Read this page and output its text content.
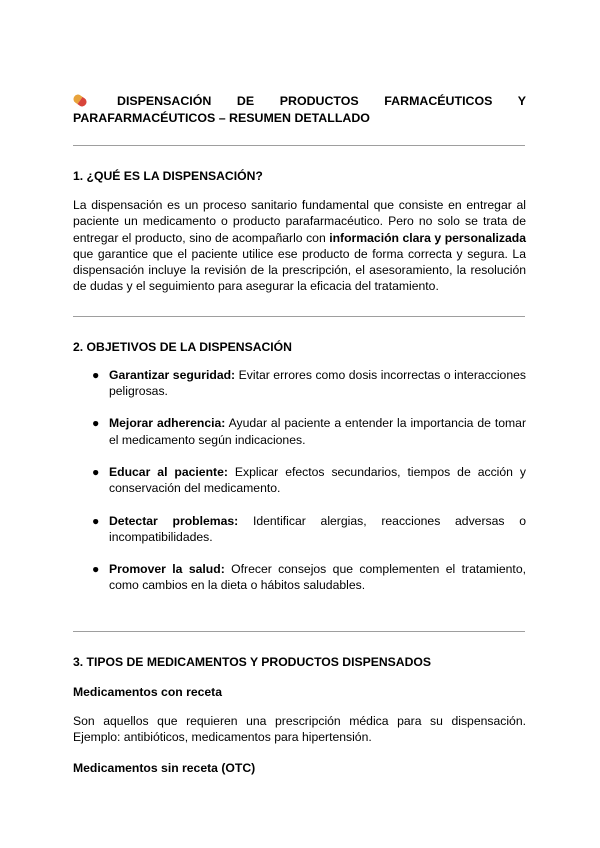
DISPENSACIÓN DE PRODUCTOS FARMACÉUTICOS Y PARAFARMACÉUTICOS – RESUMEN DETALLADO

1. ¿QUÉ ES LA DISPENSACIÓN?

La dispensación es un proceso sanitario fundamental que consiste en entregar al paciente un medicamento o producto parafarmacéutico. Pero no solo se trata de entregar el producto, sino de acompañarlo con información clara y personalizada que garantice que el paciente utilice ese producto de forma correcta y segura. La dispensación incluye la revisión de la prescripción, el asesoramiento, la resolución de dudas y el seguimiento para asegurar la eficacia del tratamiento.

2. OBJETIVOS DE LA DISPENSACIÓN
● Garantizar seguridad: Evitar errores como dosis incorrectas o interacciones peligrosas.
● Mejorar adherencia: Ayudar al paciente a entender la importancia de tomar el medicamento según indicaciones.
● Educar al paciente: Explicar efectos secundarios, tiempos de acción y conservación del medicamento.
● Detectar problemas: Identificar alergias, reacciones adversas o incompatibilidades.
● Promover la salud: Ofrecer consejos que complementen el tratamiento, como cambios en la dieta o hábitos saludables.
3. TIPOS DE MEDICAMENTOS Y PRODUCTOS DISPENSADOS
Medicamentos con receta

Son aquellos que requieren una prescripción médica para su dispensación. Ejemplo: antibióticos, medicamentos para hipertensión.

Medicamentos sin receta (OTC)
